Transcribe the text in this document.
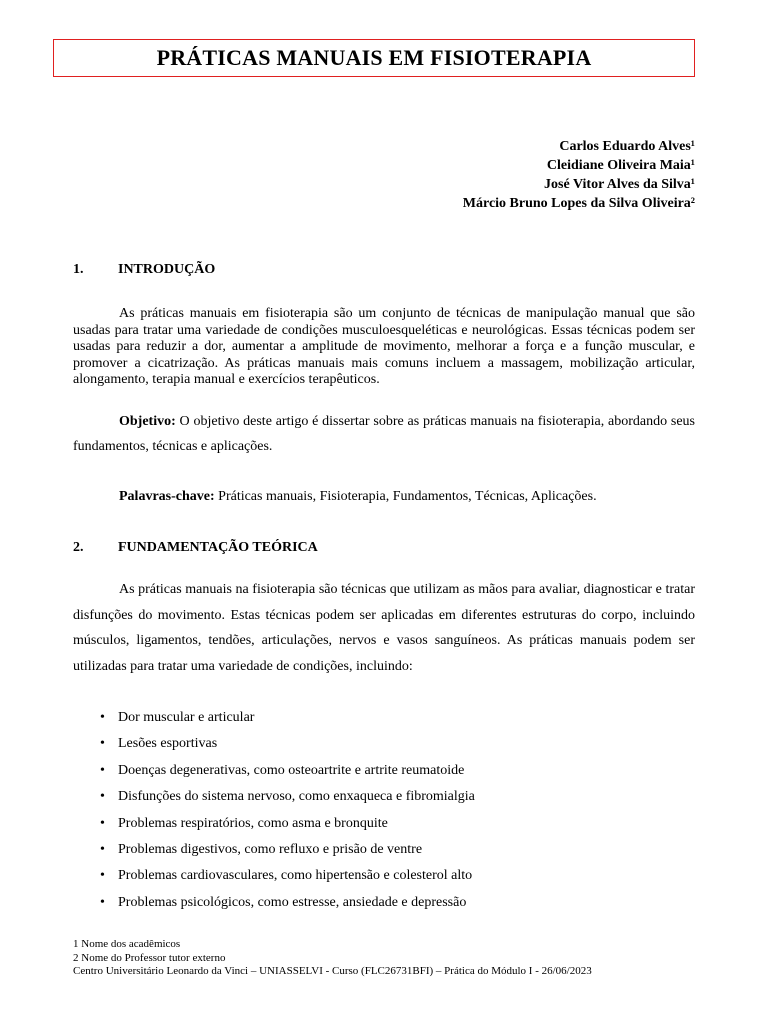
PRÁTICAS MANUAIS EM FISIOTERAPIA
Carlos Eduardo Alves¹
Cleidiane Oliveira Maia¹
José Vitor Alves da Silva¹
Márcio Bruno Lopes da Silva Oliveira²
1. INTRODUÇÃO
As práticas manuais em fisioterapia são um conjunto de técnicas de manipulação manual que são usadas para tratar uma variedade de condições musculoesqueléticas e neurológicas. Essas técnicas podem ser usadas para reduzir a dor, aumentar a amplitude de movimento, melhorar a força e a função muscular, e promover a cicatrização. As práticas manuais mais comuns incluem a massagem, mobilização articular, alongamento, terapia manual e exercícios terapêuticos.
Objetivo: O objetivo deste artigo é dissertar sobre as práticas manuais na fisioterapia, abordando seus fundamentos, técnicas e aplicações.
Palavras-chave: Práticas manuais, Fisioterapia, Fundamentos, Técnicas, Aplicações.
2. FUNDAMENTAÇÃO TEÓRICA
As práticas manuais na fisioterapia são técnicas que utilizam as mãos para avaliar, diagnosticar e tratar disfunções do movimento. Estas técnicas podem ser aplicadas em diferentes estruturas do corpo, incluindo músculos, ligamentos, tendões, articulações, nervos e vasos sanguíneos. As práticas manuais podem ser utilizadas para tratar uma variedade de condições, incluindo:
• Dor muscular e articular
• Lesões esportivas
• Doenças degenerativas, como osteoartrite e artrite reumatoide
• Disfunções do sistema nervoso, como enxaqueca e fibromialgia
• Problemas respiratórios, como asma e bronquite
• Problemas digestivos, como refluxo e prisão de ventre
• Problemas cardiovasculares, como hipertensão e colesterol alto
• Problemas psicológicos, como estresse, ansiedade e depressão
1 Nome dos acadêmicos
2 Nome do Professor tutor externo
Centro Universitário Leonardo da Vinci – UNIASSELVI - Curso (FLC26731BFI) – Prática do Módulo I - 26/06/2023
